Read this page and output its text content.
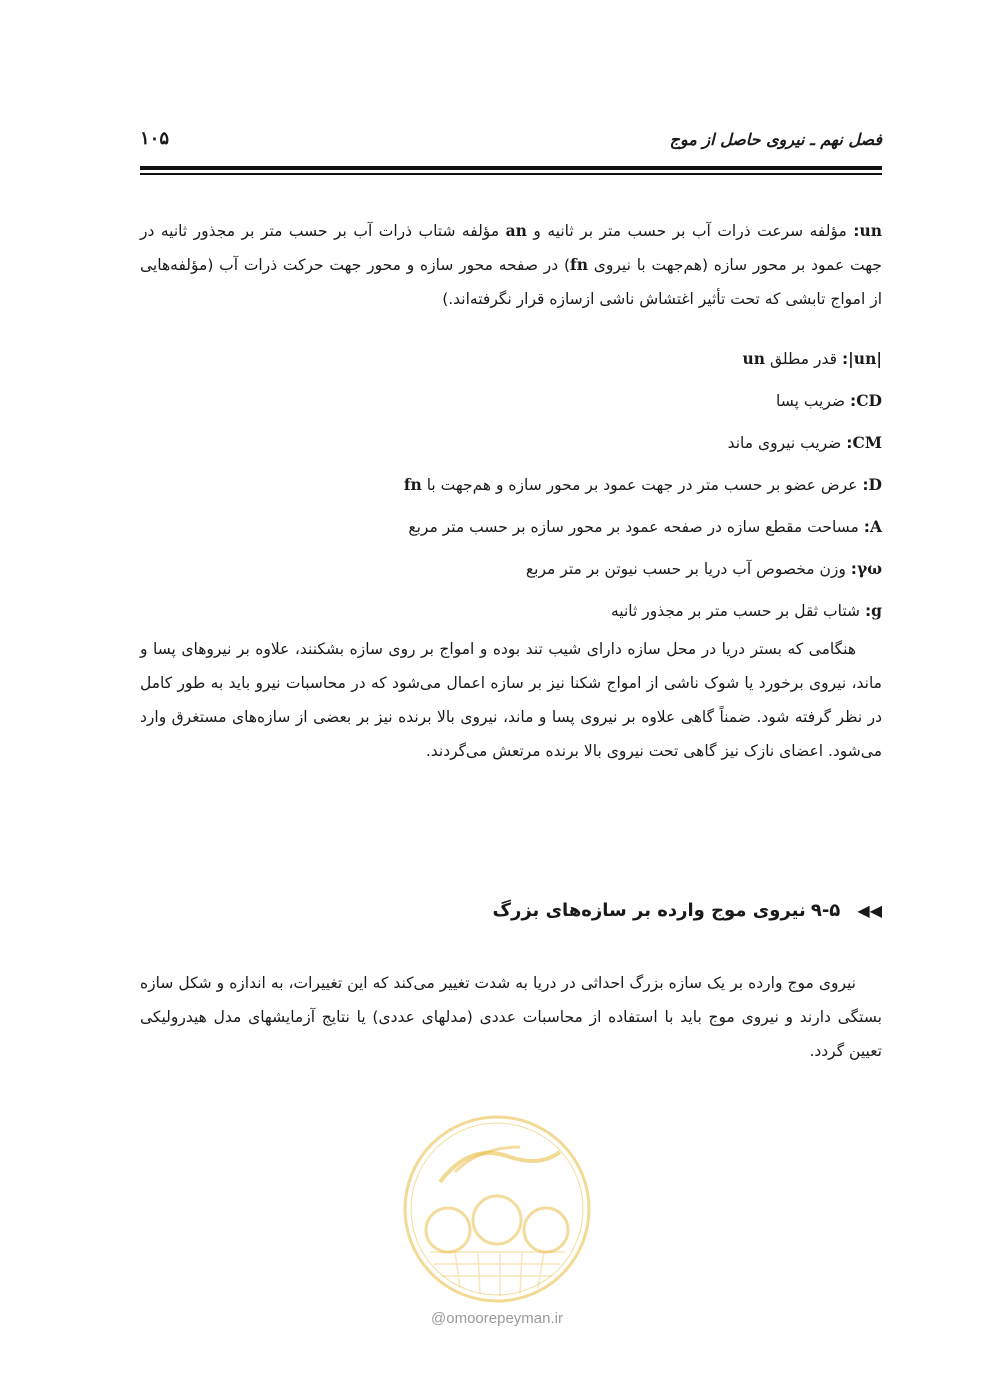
فصل نهم ـ نیروی حاصل از موج
۱۰۵

un: مؤلفه سرعت ذرات آب بر حسب متر بر ثانیه و an مؤلفه شتاب ذرات آب بر حسب متر بر مجذور ثانیه در جهت عمود بر محور سازه (هم‌جهت با نیروی fn) در صفحه محور سازه و محور جهت حرکت ذرات آب (مؤلفه‌هایی از امواج تابشی که تحت تأثیر اغتشاش ناشی ازسازه قرار نگرفته‌اند.)

|un|: قدر مطلق un

CD: ضریب پسا

CM: ضریب نیروی ماند

D: عرض عضو بر حسب متر در جهت عمود بر محور سازه و هم‌جهت با fn

A: مساحت مقطع سازه در صفحه عمود بر محور سازه بر حسب متر مربع

γω: وزن مخصوص آب دریا بر حسب نیوتن بر متر مربع

g: شتاب ثقل بر حسب متر بر مجذور ثانیه

هنگامی که بستر دریا در محل سازه دارای شیب تند بوده و امواج بر روی سازه بشکنند، علاوه بر نیروهای پسا و ماند، نیروی برخورد یا شوک ناشی از امواج شکنا نیز بر سازه اعمال می‌شود که در محاسبات نیرو باید به طور کامل در نظر گرفته شود. ضمناً گاهی علاوه بر نیروی پسا و ماند، نیروی بالا برنده نیز بر بعضی از سازه‌های مستغرق وارد می‌شود. اعضای نازک نیز گاهی تحت نیروی بالا برنده مرتعش می‌گردند.

◀◀ ۹-۵ نیروی موج وارده بر سازه‌های بزرگ

نیروی موج وارده بر یک سازه بزرگ احداثی در دریا به شدت تغییر می‌کند که این تغییرات، به اندازه و شکل سازه بستگی دارند و نیروی موج باید با استفاده از محاسبات عددی (مدلهای عددی) یا نتایج آزمایشهای مدل هیدرولیکی تعیین گردد.

@omoorepeyman.ir
